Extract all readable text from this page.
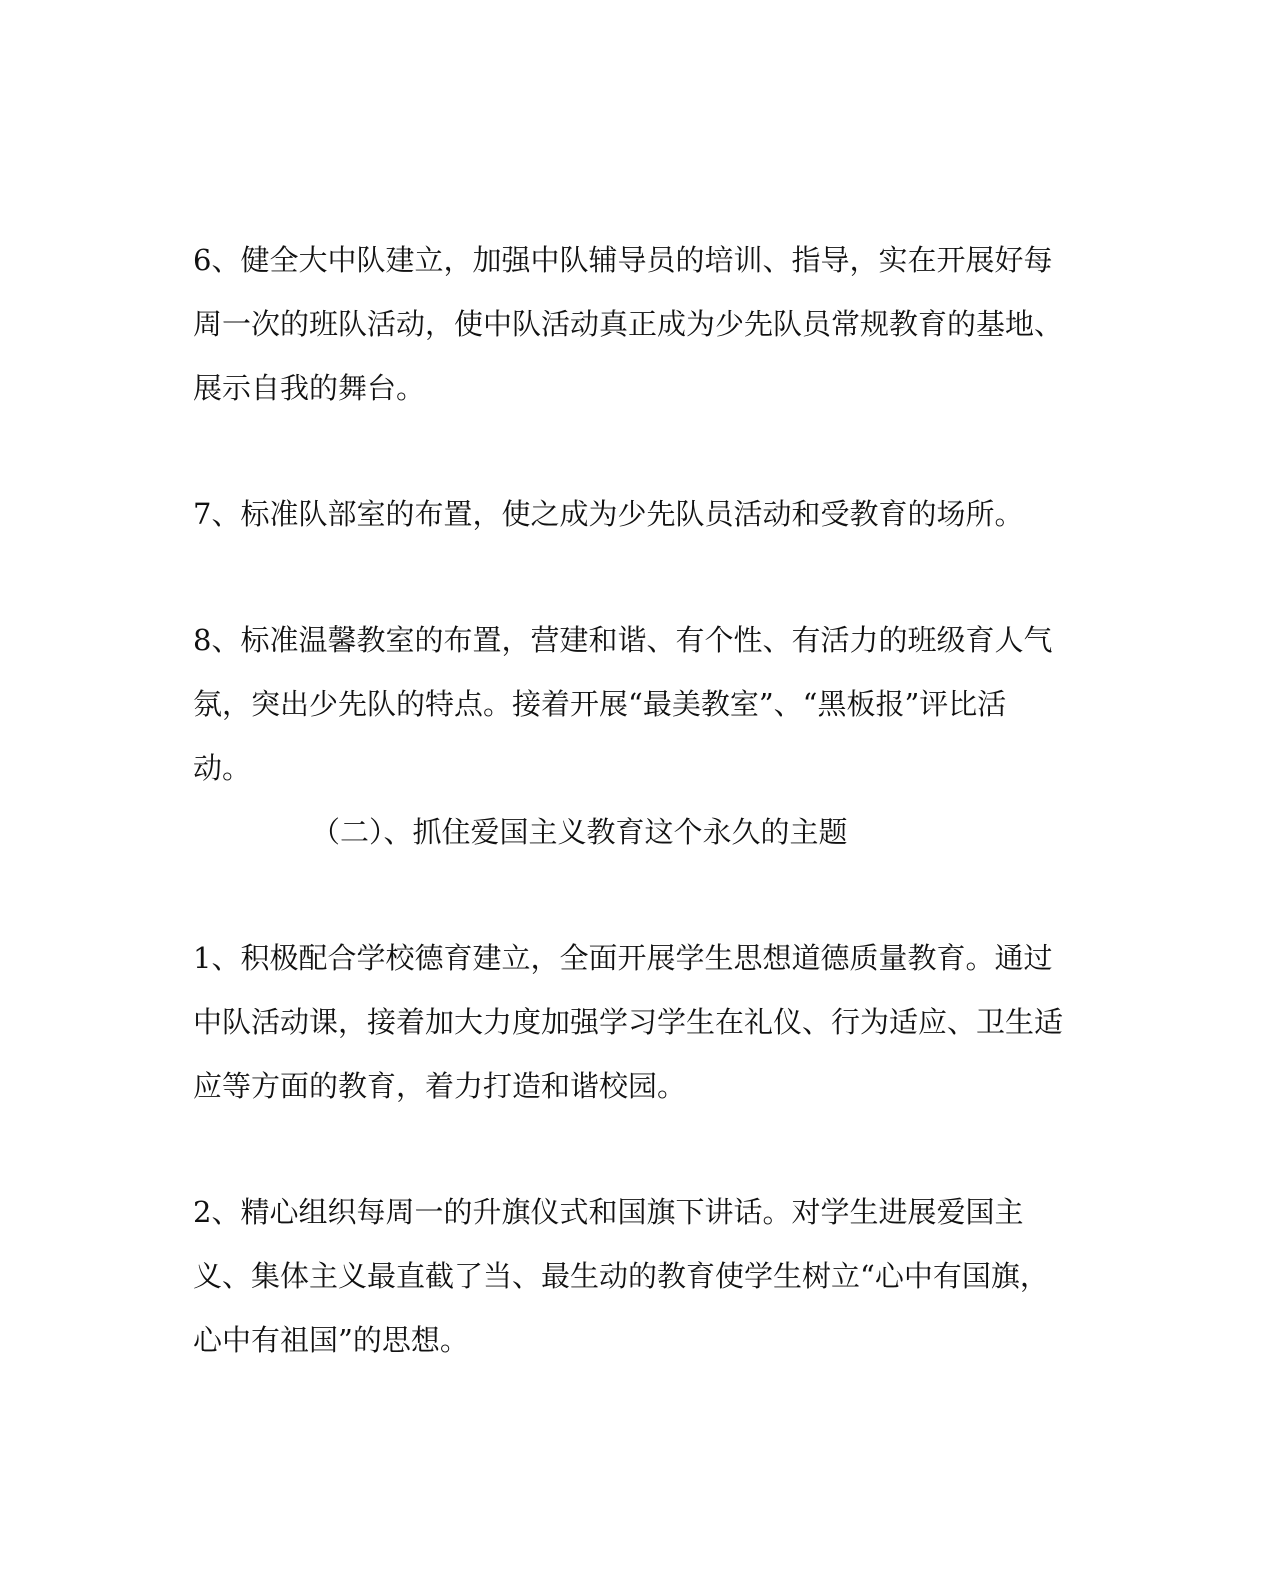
6、健全大中队建立，加强中队辅导员的培训、指导，实在开展好每周一次的班队活动，使中队活动真正成为少先队员常规教育的基地、展示自我的舞台。

7、标准队部室的布置，使之成为少先队员活动和受教育的场所。

8、标准温馨教室的布置，营建和谐、有个性、有活力的班级育人气氛，突出少先队的特点。接着开展“最美教室”、“黑板报”评比活动。

（二）、抓住爱国主义教育这个永久的主题

1、积极配合学校德育建立，全面开展学生思想道德质量教育。通过中队活动课，接着加大力度加强学习学生在礼仪、行为适应、卫生适应等方面的教育，着力打造和谐校园。

2、精心组织每周一的升旗仪式和国旗下讲话。对学生进展爱国主义、集体主义最直截了当、最生动的教育使学生树立“心中有国旗，心中有祖国”的思想。
